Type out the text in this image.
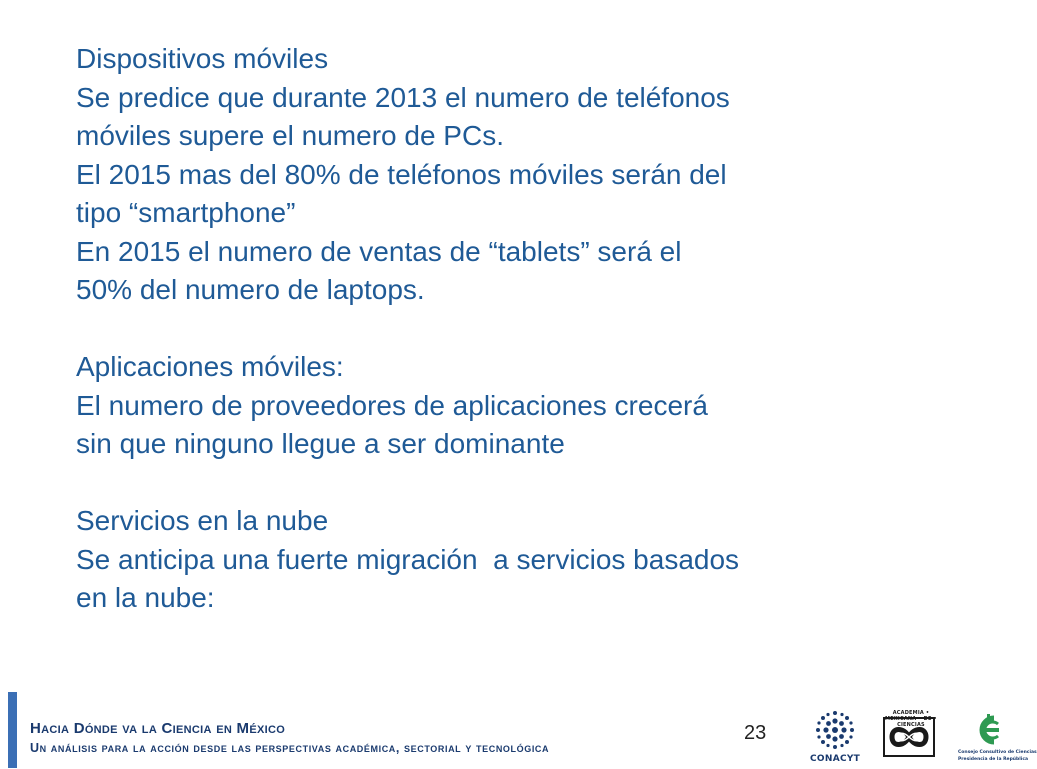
Dispositivos móviles
Se predice que durante 2013 el numero de teléfonos
móviles supere el numero de PCs.
El 2015 mas del 80% de teléfonos móviles serán del
tipo “smartphone”
En 2015 el numero de ventas de “tablets” será el
50% del numero de laptops.
Aplicaciones móviles:
El numero de proveedores de aplicaciones crecerá
sin que ninguno llegue a ser dominante
Servicios en la nube
Se anticipa una fuerte migración  a servicios basados
en la nube:
Hacia Dónde va la Ciencia en México
Un análisis para la acción desde las perspectivas académica, sectorial y tecnológica
23
CONACYT
ACADEMIA • MEXICANA • DE • CIENCIAS
Consejo Consultivo de Ciencias
Presidencia de la República
